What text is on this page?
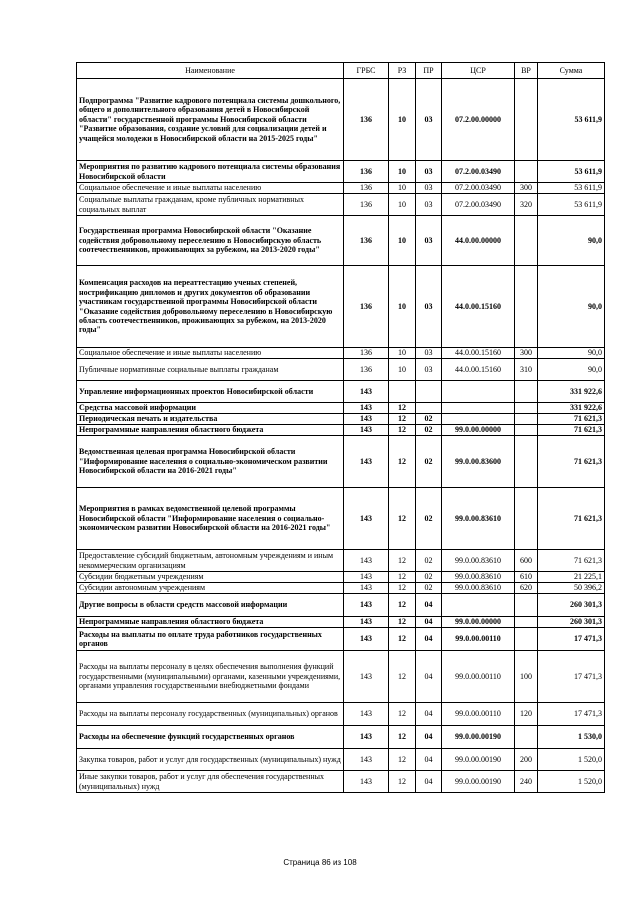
Наименование	ГРБС	РЗ	ПР	ЦСР	ВР	Сумма
Подпрограмма "Развитие кадрового потенциала системы дошкольного, общего и дополнительного образования детей в Новосибирской области" государственной программы Новосибирской области "Развитие образования, создание условий для социализации детей и учащейся молодежи в Новосибирской области на 2015-2025 годы"	136	10	03	07.2.00.00000		53 611,9
Мероприятия по развитию кадрового потенциала системы образования Новосибирской области	136	10	03	07.2.00.03490		53 611,9
Социальное обеспечение и иные выплаты населению	136	10	03	07.2.00.03490	300	53 611,9
Социальные выплаты гражданам, кроме публичных нормативных социальных выплат	136	10	03	07.2.00.03490	320	53 611,9
Государственная программа Новосибирской области "Оказание содействия добровольному переселению в Новосибирскую область соотечественников, проживающих за рубежом, на 2013-2020 годы"	136	10	03	44.0.00.00000		90,0
Компенсация расходов на переаттестацию ученых степеней, нострификацию дипломов и других документов об образовании участникам государственной программы Новосибирской области "Оказание содействия добровольному переселению в Новосибирскую область соотечественников, проживающих за рубежом, на 2013-2020 годы"	136	10	03	44.0.00.15160		90,0
Социальное обеспечение и иные выплаты населению	136	10	03	44.0.00.15160	300	90,0
Публичные нормативные социальные выплаты гражданам	136	10	03	44.0.00.15160	310	90,0
Управление информационных проектов Новосибирской области	143					331 922,6
Средства массовой информации	143	12				331 922,6
Периодическая печать и издательства	143	12	02			71 621,3
Непрограммные направления областного бюджета	143	12	02	99.0.00.00000		71 621,3
Ведомственная целевая программа Новосибирской области "Информирование населения о социально-экономическом развитии Новосибирской области на 2016-2021 годы"	143	12	02	99.0.00.83600		71 621,3
Мероприятия в рамках ведомственной целевой программы Новосибирской области "Информирование населения о социально-экономическом развитии Новосибирской области на 2016-2021 годы"	143	12	02	99.0.00.83610		71 621,3
Предоставление субсидий бюджетным, автономным учреждениям и иным некоммерческим организациям	143	12	02	99.0.00.83610	600	71 621,3
Субсидии бюджетным учреждениям	143	12	02	99.0.00.83610	610	21 225,1
Субсидии автономным учреждениям	143	12	02	99.0.00.83610	620	50 396,2
Другие вопросы в области средств массовой информации	143	12	04			260 301,3
Непрограммные направления областного бюджета	143	12	04	99.0.00.00000		260 301,3
Расходы на выплаты по оплате труда работников государственных органов	143	12	04	99.0.00.00110		17 471,3
Расходы на выплаты персоналу в целях обеспечения выполнения функций государственными (муниципальными) органами, казенными учреждениями, органами управления государственными внебюджетными фондами	143	12	04	99.0.00.00110	100	17 471,3
Расходы на выплаты персоналу государственных (муниципальных) органов	143	12	04	99.0.00.00110	120	17 471,3
Расходы на обеспечение функций государственных органов	143	12	04	99.0.00.00190		1 530,0
Закупка товаров, работ и услуг для государственных (муниципальных) нужд	143	12	04	99.0.00.00190	200	1 520,0
Иные закупки товаров, работ и услуг для обеспечения государственных (муниципальных) нужд	143	12	04	99.0.00.00190	240	1 520,0
Страница 86 из 108
